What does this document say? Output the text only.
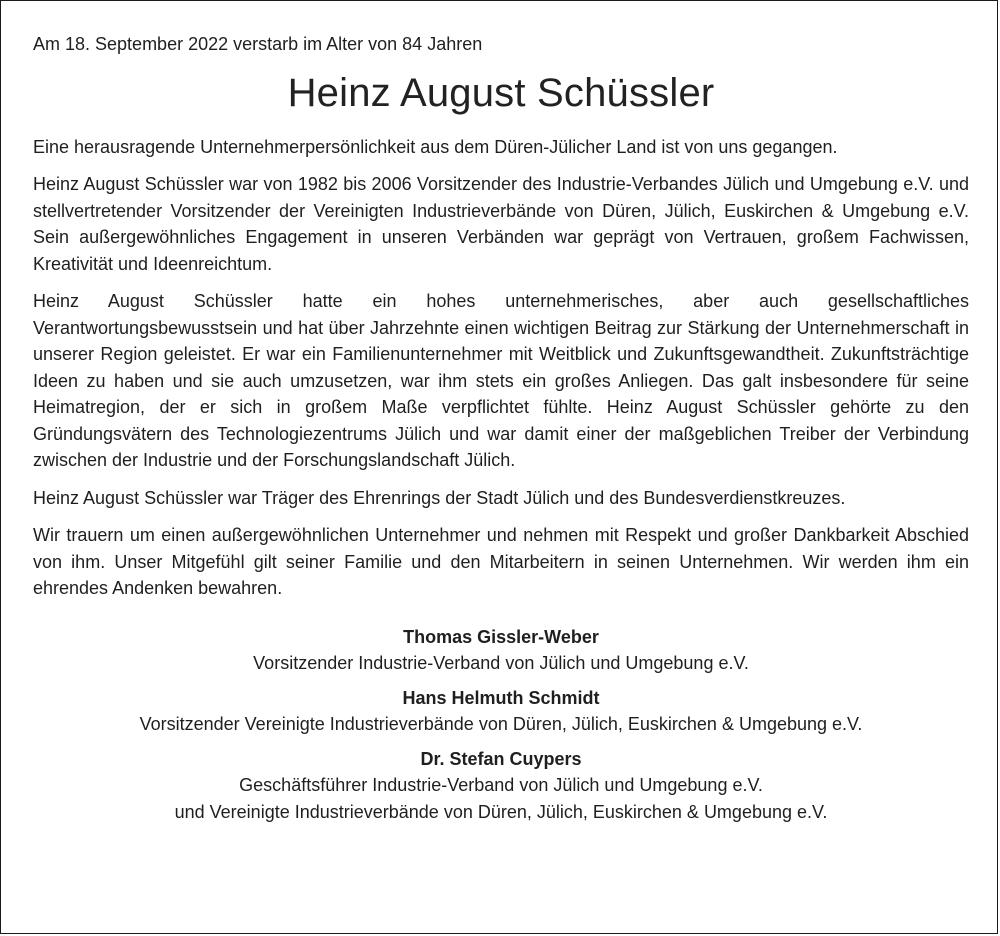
Am 18. September 2022 verstarb im Alter von 84 Jahren

Heinz August Schüssler

Eine herausragende Unternehmerpersönlichkeit aus dem Düren-Jülicher Land ist von uns gegangen.

Heinz August Schüssler war von 1982 bis 2006 Vorsitzender des Industrie-Verbandes Jülich und Umgebung e.V. und stellvertretender Vorsitzender der Vereinigten Industrieverbände von Düren, Jülich, Euskirchen & Umgebung e.V. Sein außergewöhnliches Engagement in unseren Verbänden war geprägt von Vertrauen, großem Fachwissen, Kreativität und Ideenreichtum.

Heinz August Schüssler hatte ein hohes unternehmerisches, aber auch gesellschaftliches Verantwortungsbewusstsein und hat über Jahrzehnte einen wichtigen Beitrag zur Stärkung der Unternehmerschaft in unserer Region geleistet. Er war ein Familienunternehmer mit Weitblick und Zukunftsgewandtheit. Zukunftsträchtige Ideen zu haben und sie auch umzusetzen, war ihm stets ein großes Anliegen. Das galt insbesondere für seine Heimatregion, der er sich in großem Maße verpflichtet fühlte. Heinz August Schüssler gehörte zu den Gründungsvätern des Technologiezentrums Jülich und war damit einer der maßgeblichen Treiber der Verbindung zwischen der Industrie und der Forschungslandschaft Jülich.

Heinz August Schüssler war Träger des Ehrenrings der Stadt Jülich und des Bundesverdienstkreuzes.

Wir trauern um einen außergewöhnlichen Unternehmer und nehmen mit Respekt und großer Dankbarkeit Abschied von ihm. Unser Mitgefühl gilt seiner Familie und den Mitarbeitern in seinen Unternehmen. Wir werden ihm ein ehrendes Andenken bewahren.

Thomas Gissler-Weber
Vorsitzender Industrie-Verband von Jülich und Umgebung e.V.
Hans Helmuth Schmidt
Vorsitzender Vereinigte Industrieverbände von Düren, Jülich, Euskirchen & Umgebung e.V.
Dr. Stefan Cuypers
Geschäftsführer Industrie-Verband von Jülich und Umgebung e.V.
und Vereinigte Industrieverbände von Düren, Jülich, Euskirchen & Umgebung e.V.
